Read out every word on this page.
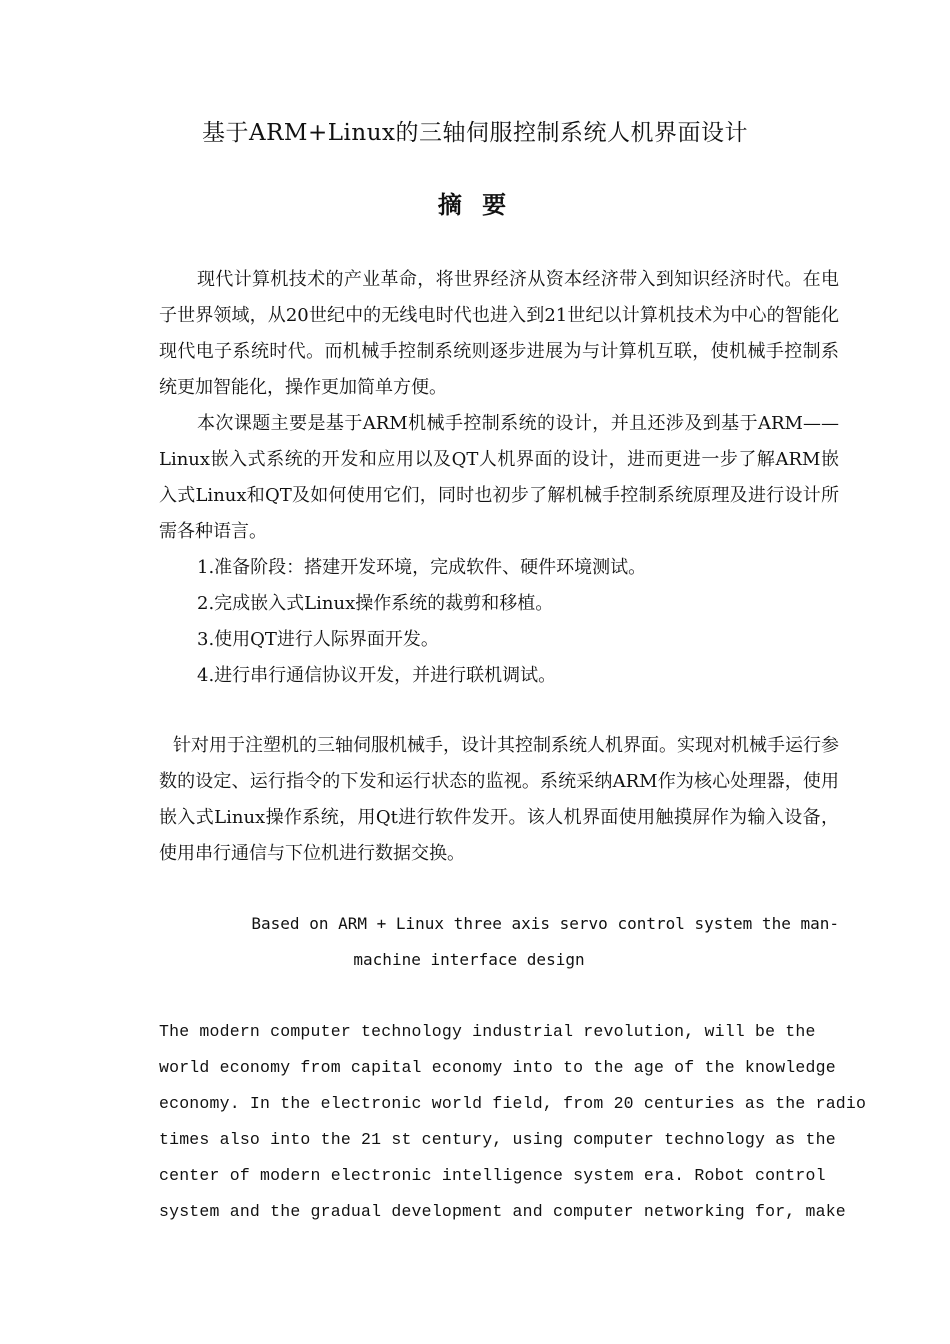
基于ARM+Linux的三轴伺服控制系统人机界面设计
摘 要

现代计算机技术的产业革命，将世界经济从资本经济带入到知识经济时代。在电子世界领域，从20世纪中的无线电时代也进入到21世纪以计算机技术为中心的智能化现代电子系统时代。而机械手控制系统则逐步进展为与计算机互联，使机械手控制系统更加智能化，操作更加简单方便。

本次课题主要是基于ARM机械手控制系统的设计，并且还涉及到基于ARM——Linux嵌入式系统的开发和应用以及QT人机界面的设计，进而更进一步了解ARM嵌入式Linux和QT及如何使用它们，同时也初步了解机械手控制系统原理及进行设计所需各种语言。

1.准备阶段：搭建开发环境，完成软件、硬件环境测试。

2.完成嵌入式Linux操作系统的裁剪和移植。

3.使用QT进行人际界面开发。

4.进行串行通信协议开发，并进行联机调试。

针对用于注塑机的三轴伺服机械手，设计其控制系统人机界面。实现对机械手运行参数的设定、运行指令的下发和运行状态的监视。系统采纳ARM作为核心处理器，使用嵌入式Linux操作系统，用Qt进行软件发开。该人机界面使用触摸屏作为输入设备，使用串行通信与下位机进行数据交换。

Based on ARM + Linux three axis servo control system the man-
machine interface design
The modern computer technology industrial revolution, will be the
world economy from capital economy into to the age of the knowledge
economy. In the electronic world field, from 20 centuries as the radio
times also into the 21 st century, using computer technology as the
center of modern electronic intelligence system era. Robot control
system and the gradual development and computer networking for, make
